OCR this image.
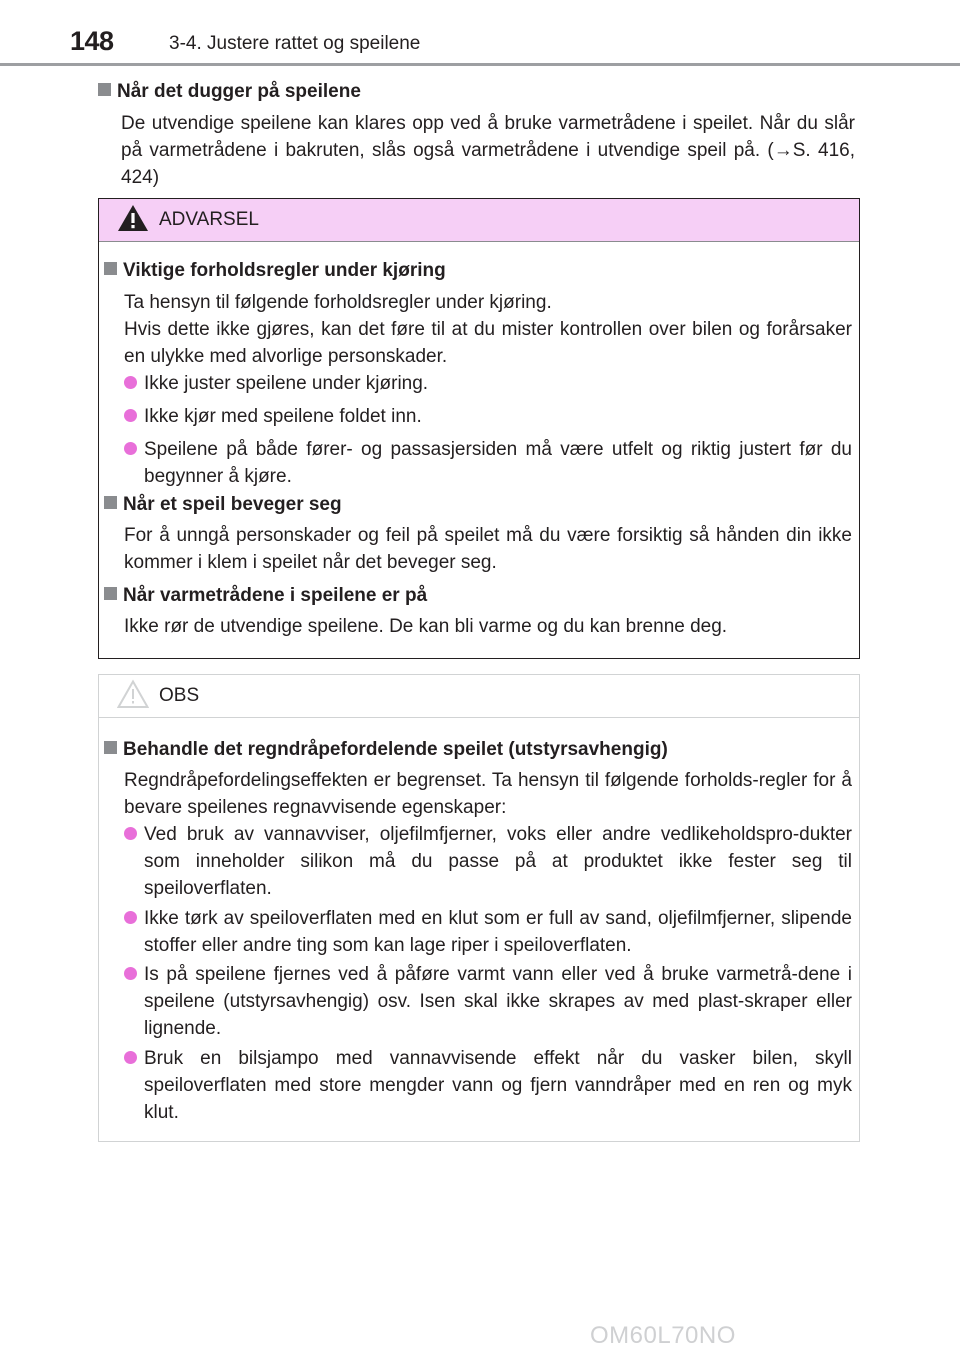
148	3-4. Justere rattet og speilene
Når det dugger på speilene

De utvendige speilene kan klares opp ved å bruke varmetrådene i speilet. Når du slår på varmetrådene i bakruten, slås også varmetrådene i utvendige speil på. (→S. 416, 424)

ADVARSEL
Viktige forholdsregler under kjøring

Ta hensyn til følgende forholdsregler under kjøring.

Hvis dette ikke gjøres, kan det føre til at du mister kontrollen over bilen og forårsaker en ulykke med alvorlige personskader.

Ikke juster speilene under kjøring.
Ikke kjør med speilene foldet inn.
Speilene på både fører- og passasjersiden må være utfelt og riktig justert før du begynner å kjøre.
Når et speil beveger seg

For å unngå personskader og feil på speilet må du være forsiktig så hånden din ikke kommer i klem i speilet når det beveger seg.

Når varmetrådene i speilene er på

Ikke rør de utvendige speilene. De kan bli varme og du kan brenne deg.

OBS
Behandle det regndråpefordelende speilet (utstyrsavhengig)

Regndråpefordelingseffekten er begrenset. Ta hensyn til følgende forholds-regler for å bevare speilenes regnavvisende egenskaper:

Ved bruk av vannavviser, oljefilmfjerner, voks eller andre vedlikeholdspro-dukter som inneholder silikon må du passe på at produktet ikke fester seg til speiloverflaten.
Ikke tørk av speiloverflaten med en klut som er full av sand, oljefilmfjerner, slipende stoffer eller andre ting som kan lage riper i speiloverflaten.
Is på speilene fjernes ved å påføre varmt vann eller ved å bruke varmetrå-dene i speilene (utstyrsavhengig) osv. Isen skal ikke skrapes av med plast-skraper eller lignende.
Bruk en bilsjampo med vannavvisende effekt når du vasker bilen, skyll speiloverflaten med store mengder vann og fjern vanndråper med en ren og myk klut.
OM60L70NO
